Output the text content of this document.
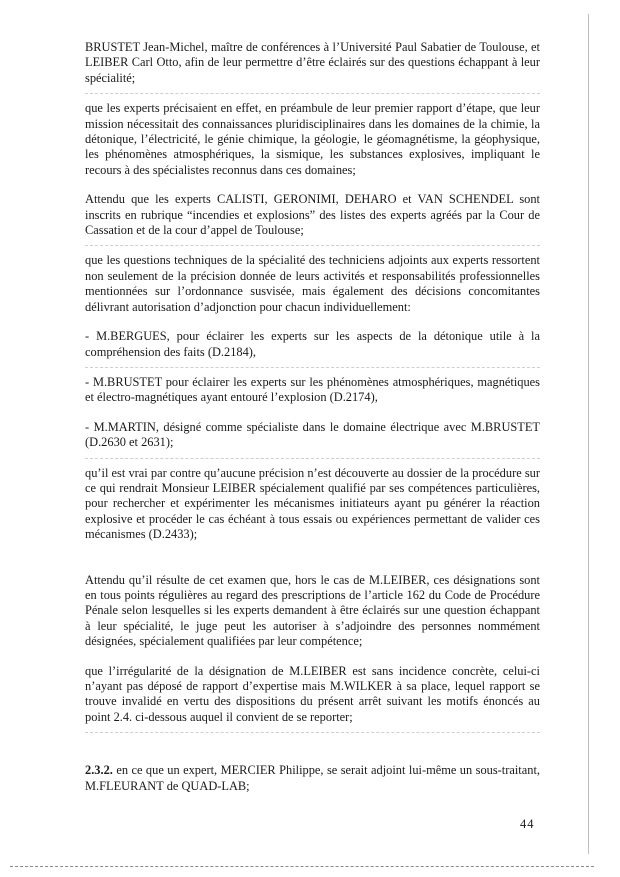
BRUSTET Jean-Michel, maître de conférences à l’Université Paul Sabatier de Toulouse, et LEIBER Carl Otto, afin de leur permettre d’être éclairés sur des questions échappant à leur spécialité;

que les experts précisaient en effet, en préambule de leur premier rapport d’étape, que leur mission nécessitait des connaissances pluridisciplinaires dans les domaines de la chimie, la détonique, l’électricité, le génie chimique, la géologie, le géomagnétisme, la géophysique, les phénomènes atmosphériques, la sismique, les substances explosives, impliquant le recours à des spécialistes reconnus dans ces domaines;

Attendu que les experts CALISTI, GERONIMI, DEHARO et VAN SCHENDEL sont inscrits en rubrique “incendies et explosions” des listes des experts agréés par la Cour de Cassation et de la cour d’appel de Toulouse;

que les questions techniques de la spécialité des techniciens adjoints aux experts ressortent non seulement de la précision donnée de leurs activités et responsabilités professionnelles mentionnées sur l’ordonnance susvisée, mais également des décisions concomitantes délivrant autorisation d’adjonction pour chacun individuellement:

- M.BERGUES, pour éclairer les experts sur les aspects de la détonique utile à la compréhension des faits (D.2184),

- M.BRUSTET pour éclairer les experts sur les phénomènes atmosphériques, magnétiques et électro-magnétiques ayant entouré l’explosion (D.2174),

- M.MARTIN, désigné comme spécialiste dans le domaine électrique avec M.BRUSTET (D.2630 et 2631);

qu’il est vrai par contre qu’aucune précision n’est découverte au dossier de la procédure sur ce qui rendrait Monsieur LEIBER spécialement qualifié par ses compétences particulières, pour rechercher et expérimenter les mécanismes initiateurs ayant pu générer la réaction explosive et procéder le cas échéant à tous essais ou expériences permettant de valider ces mécanismes (D.2433);

Attendu qu’il résulte de cet examen que, hors le cas de M.LEIBER, ces désignations sont en tous points régulières au regard des prescriptions de l’article 162 du Code de Procédure Pénale selon lesquelles si les experts demandent à être éclairés sur une question échappant à leur spécialité, le juge peut les autoriser à s’adjoindre des personnes nommément désignées, spécialement qualifiées par leur compétence;

que l’irrégularité de la désignation de M.LEIBER est sans incidence concrète, celui-ci n’ayant pas déposé de rapport d’expertise mais M.WILKER à sa place, lequel rapport se trouve invalidé en vertu des dispositions du présent arrêt suivant les motifs énoncés au point 2.4. ci-dessous auquel il convient de se reporter;

2.3.2. en ce que un expert, MERCIER Philippe, se serait adjoint lui-même un sous-traitant, M.FLEURANT de QUAD-LAB;

44
